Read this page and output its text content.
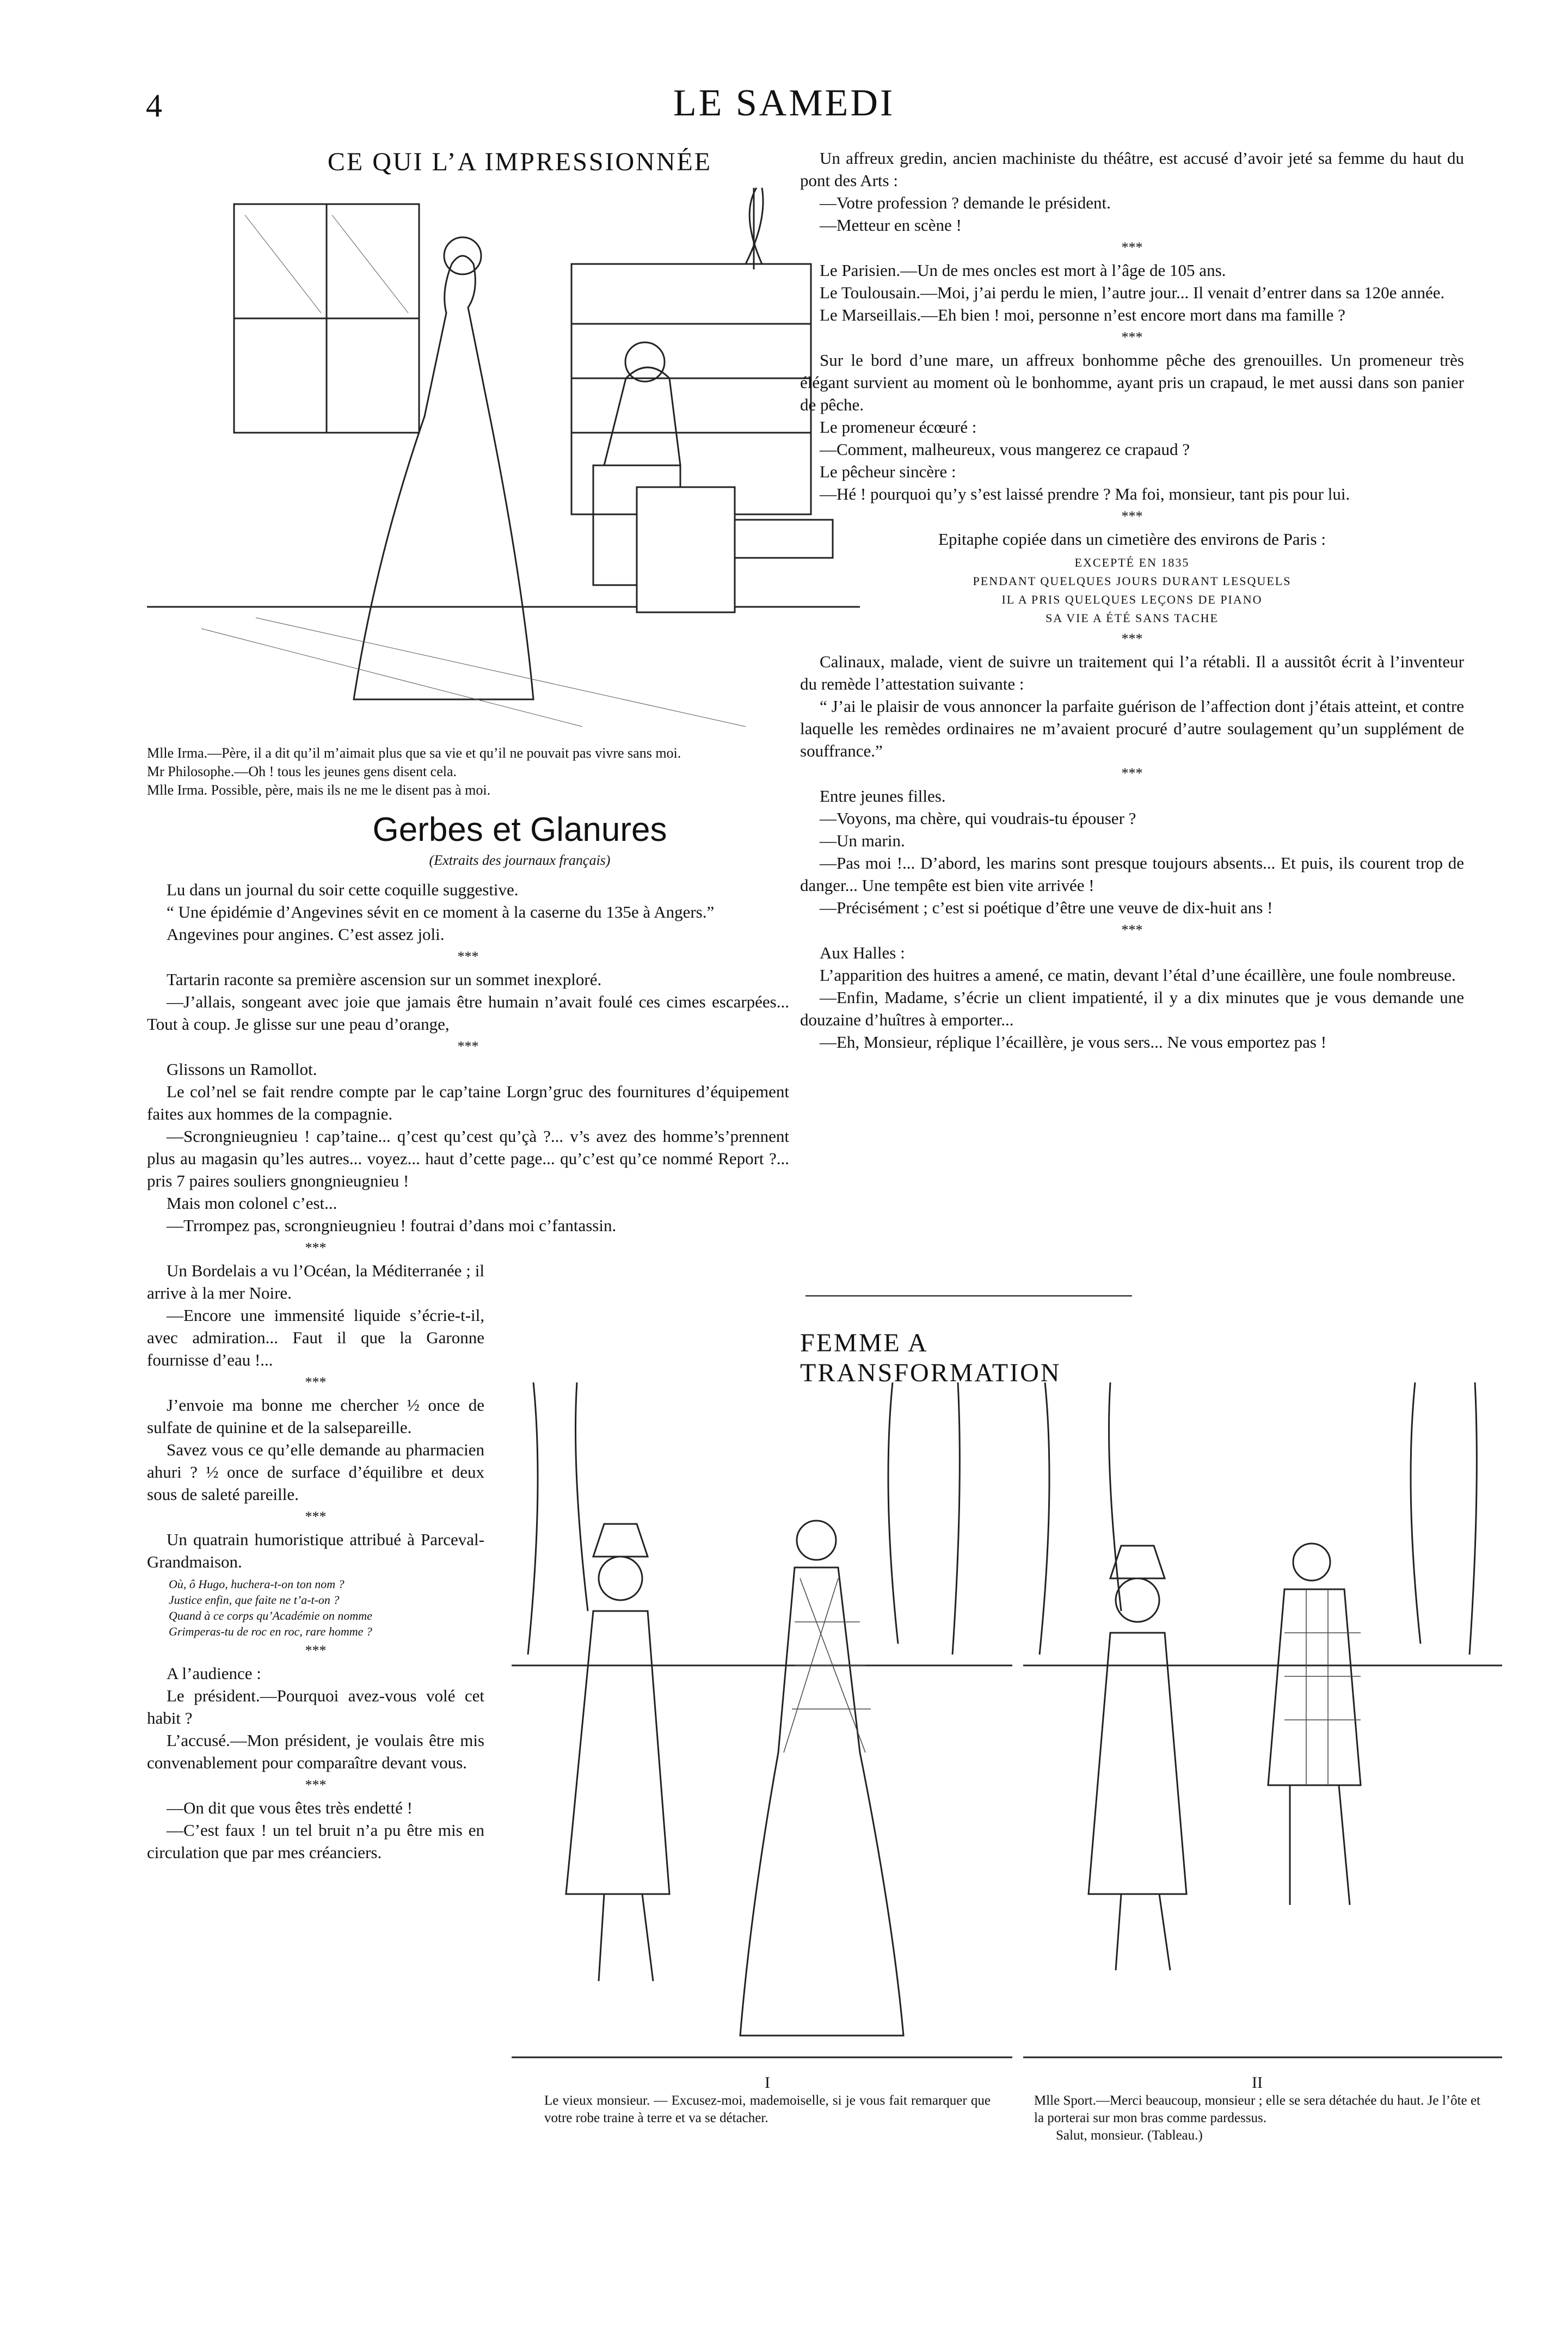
4	LE SAMEDI
CE QUI L’A IMPRESSIONNÉE
Mlle Irma.—Père, il a dit qu’il m’aimait plus que sa vie et qu’il ne pouvait pas vivre sans moi.
Mr Philosophe.—Oh ! tous les jeunes gens disent cela.
Mlle Irma. Possible, père, mais ils ne me le disent pas à moi.
Gerbes et Glanures
(Extraits des journaux français)

Lu dans un journal du soir cette coquille suggestive.

“ Une épidémie d’Angevines sévit en ce moment à la caserne du 135e à Angers.”

Angevines pour angines. C’est assez joli.

***

Tartarin raconte sa première ascension sur un sommet inexploré.

—J’allais, songeant avec joie que jamais être humain n’avait foulé ces cimes escarpées... Tout à coup. Je glisse sur une peau d’orange,

***

Glissons un Ramollot.

Le col’nel se fait rendre compte par le cap’taine Lorgn’gruc des fournitures d’équipement faites aux hommes de la compagnie.

—Scrongnieugnieu ! cap’taine... q’cest qu’cest qu’çà ?... v’s avez des homme’s’prennent plus au magasin qu’les autres... voyez... haut d’cette page... qu’c’est qu’ce nommé Report ?... pris 7 paires souliers gnongnieugnieu !

Mais mon colonel c’est...

—Trrompez pas, scrongnieugnieu ! foutrai d’dans moi c’fantassin.

***

Un Bordelais a vu l’Océan, la Méditerranée ; il arrive à la mer Noire.

—Encore une immensité liquide s’écrie-t-il, avec admiration... Faut il que la Garonne fournisse d’eau !...

***

J’envoie ma bonne me chercher ½ once de sulfate de quinine et de la salsepareille.

Savez vous ce qu’elle demande au pharmacien ahuri ? ½ once de surface d’équilibre et deux sous de saleté pareille.

***

Un quatrain humoristique attribué à Parceval-Grandmaison.

Où, ô Hugo, huchera-t-on ton nom ?
Justice enfin, que faite ne t’a-t-on ?
Quand à ce corps qu’Académie on nomme
Grimperas-tu de roc en roc, rare homme ?
***

A l’audience :

Le président.—Pourquoi avez-vous volé cet habit ?

L’accusé.—Mon président, je voulais être mis convenablement pour comparaître devant vous.

***

—On dit que vous êtes très endetté !

—C’est faux ! un tel bruit n’a pu être mis en circulation que par mes créanciers.

Un affreux gredin, ancien machiniste du théâtre, est accusé d’avoir jeté sa femme du haut du pont des Arts :

—Votre profession ? demande le président.

—Metteur en scène !

***

Le Parisien.—Un de mes oncles est mort à l’âge de 105 ans.

Le Toulousain.—Moi, j’ai perdu le mien, l’autre jour... Il venait d’entrer dans sa 120e année.

Le Marseillais.—Eh bien ! moi, personne n’est encore mort dans ma famille ?

***

Sur le bord d’une mare, un affreux bonhomme pêche des grenouilles. Un promeneur très élégant survient au moment où le bonhomme, ayant pris un crapaud, le met aussi dans son panier de pêche.

Le promeneur écœuré :

—Comment, malheureux, vous mangerez ce crapaud ?

Le pêcheur sincère :

—Hé ! pourquoi qu’y s’est laissé prendre ? Ma foi, monsieur, tant pis pour lui.

***

Epitaphe copiée dans un cimetière des environs de Paris :

EXCEPTÉ EN 1835
PENDANT QUELQUES JOURS DURANT LESQUELS
IL A PRIS QUELQUES LEÇONS DE PIANO
SA VIE A ÉTÉ SANS TACHE
***

Calinaux, malade, vient de suivre un traitement qui l’a rétabli. Il a aussitôt écrit à l’inventeur du remède l’attestation suivante :

“ J’ai le plaisir de vous annoncer la parfaite guérison de l’affection dont j’étais atteint, et contre laquelle les remèdes ordinaires ne m’avaient procuré d’autre soulagement qu’un supplément de souffrance.”

***

Entre jeunes filles.

—Voyons, ma chère, qui voudrais-tu épouser ?

—Un marin.

—Pas moi !... D’abord, les marins sont presque toujours absents... Et puis, ils courent trop de danger... Une tempête est bien vite arrivée !

—Précisément ; c’est si poétique d’être une veuve de dix-huit ans !

***

Aux Halles :

L’apparition des huitres a amené, ce matin, devant l’étal d’une écaillère, une foule nombreuse.

—Enfin, Madame, s’écrie un client impatienté, il y a dix minutes que je vous demande une douzaine d’huîtres à emporter...

—Eh, Monsieur, réplique l’écaillère, je vous sers... Ne vous emportez pas !

FEMME A TRANSFORMATION
I
Le vieux monsieur. — Excusez-moi, mademoiselle, si je vous fait remarquer que votre robe traine à terre et va se détacher.
II
Mlle Sport.—Merci beaucoup, monsieur ; elle se sera détachée du haut. Je l’ôte et la porterai sur mon bras comme pardessus.
Salut, monsieur. (Tableau.)
